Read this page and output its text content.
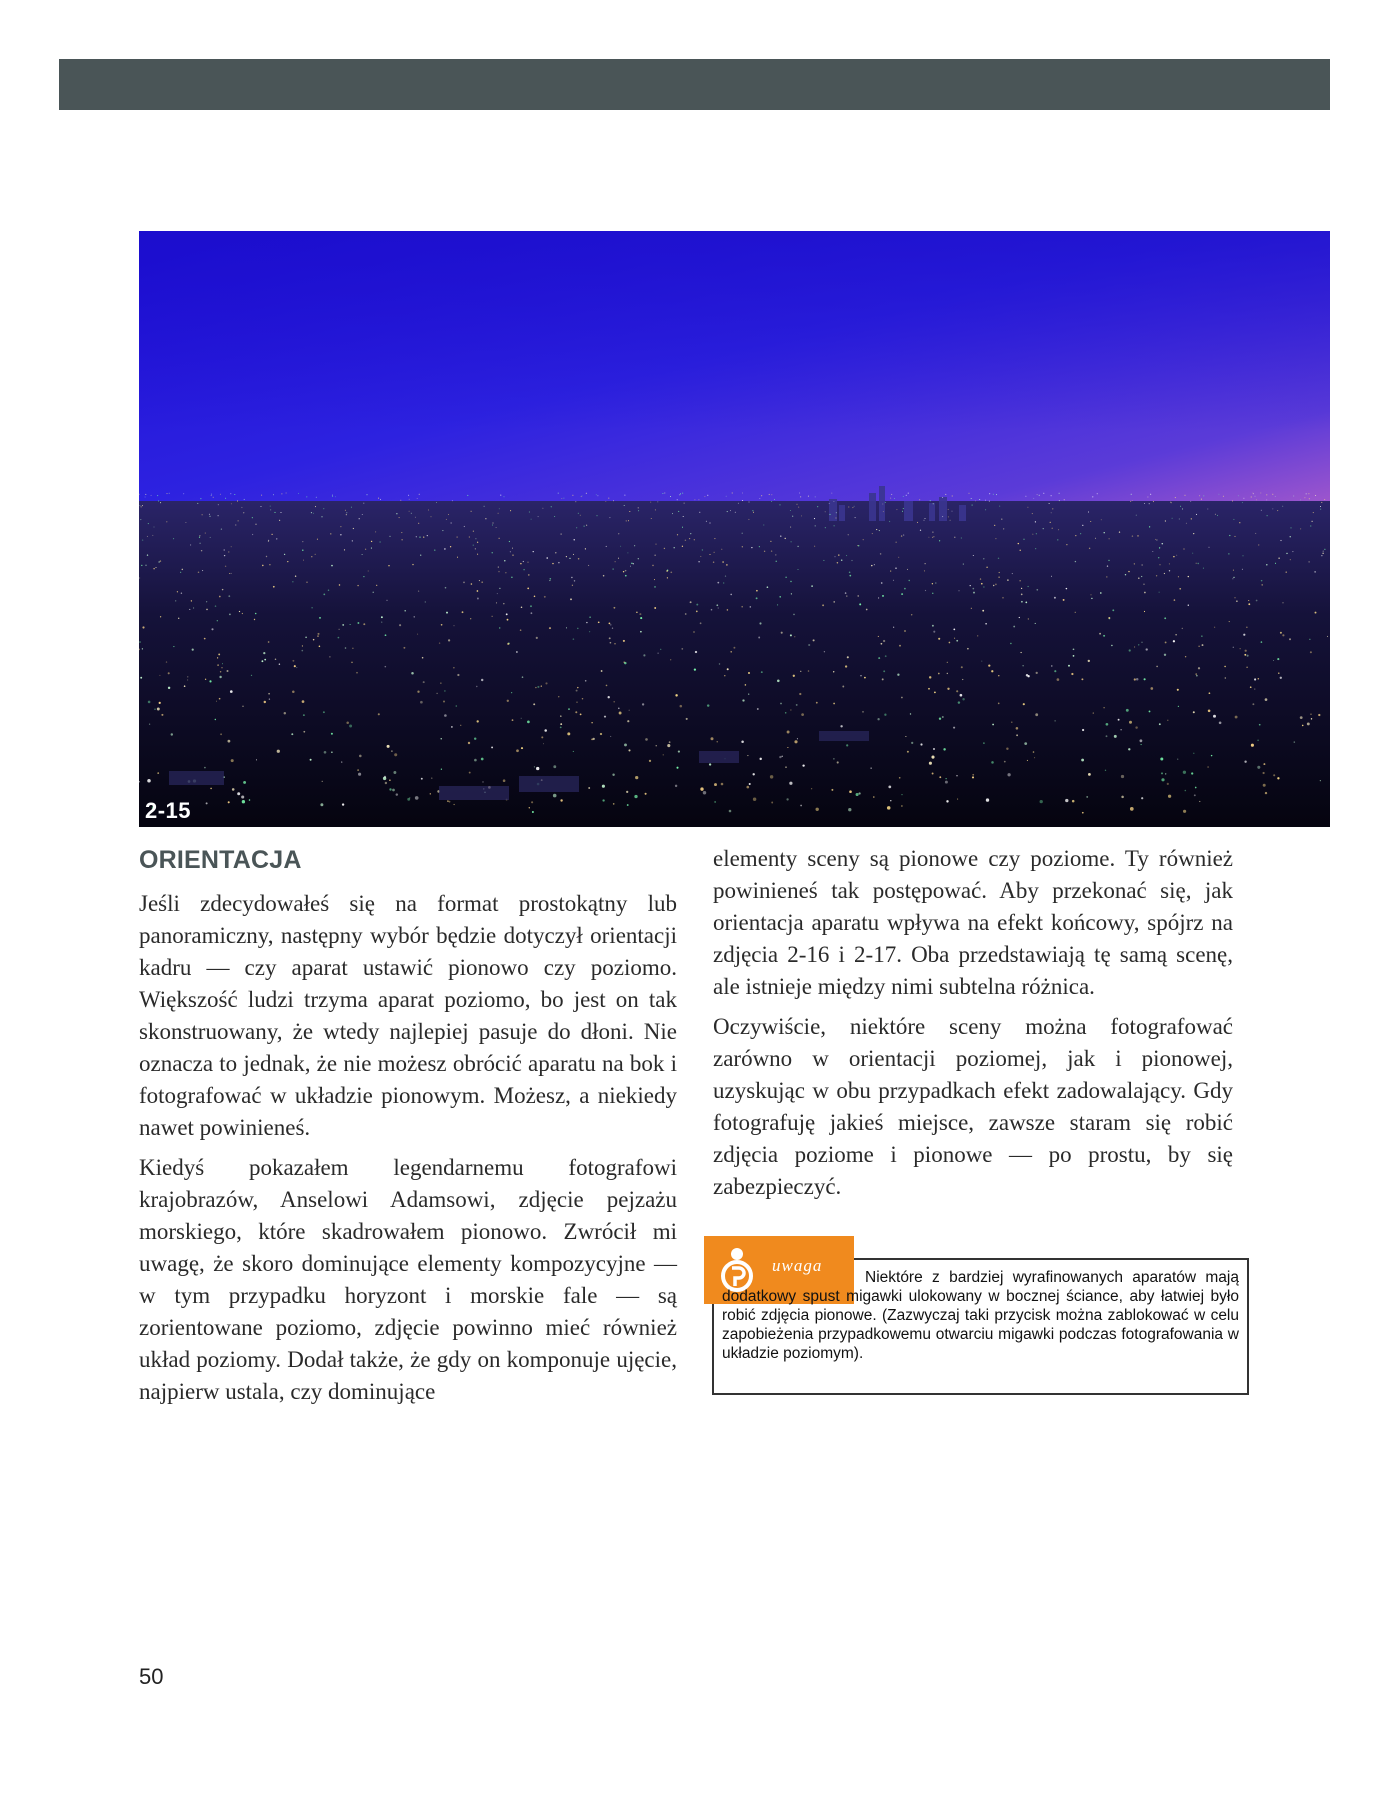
2-15
ORIENTACJA

Jeśli zdecydowałeś się na format prostokątny lub panoramiczny, następny wybór będzie dotyczył orientacji kadru — czy aparat ustawić pionowo czy poziomo. Większość ludzi trzyma aparat poziomo, bo jest on tak skonstruowany, że wtedy najlepiej pasuje do dłoni. Nie oznacza to jednak, że nie możesz obrócić aparatu na bok i fotografować w układzie pionowym. Możesz, a niekiedy nawet powinieneś.

Kiedyś pokazałem legendarnemu fotografowi krajobrazów, Anselowi Adamsowi, zdjęcie pejzażu morskiego, które skadrowałem pionowo. Zwrócił mi uwagę, że skoro dominujące elementy kompozycyjne — w tym przypadku horyzont i morskie fale — są zorientowane poziomo, zdjęcie powinno mieć również układ poziomy. Dodał także, że gdy on komponuje ujęcie, najpierw ustala, czy dominujące

elementy sceny są pionowe czy poziome. Ty również powinieneś tak postępować. Aby przekonać się, jak orientacja aparatu wpływa na efekt końcowy, spójrz na zdjęcia 2-16 i 2-17. Oba przedstawiają tę samą scenę, ale istnieje między nimi subtelna różnica.

Oczywiście, niektóre sceny można fotografować zarówno w orientacji poziomej, jak i pionowej, uzyskując w obu przypadkach efekt zadowalający. Gdy fotografuję jakieś miejsce, zawsze staram się robić zdjęcia poziome i pionowe — po prostu, by się zabezpieczyć.

uwaga
Niektóre z bardziej wyrafinowanych aparatów mają dodatkowy spust migawki ulokowany w bocznej ściance, aby łatwiej było robić zdjęcia pionowe. (Zazwyczaj taki przycisk można zablokować w celu zapobieżenia przypadkowemu otwarciu migawki podczas fotografowania w układzie poziomym).
50
